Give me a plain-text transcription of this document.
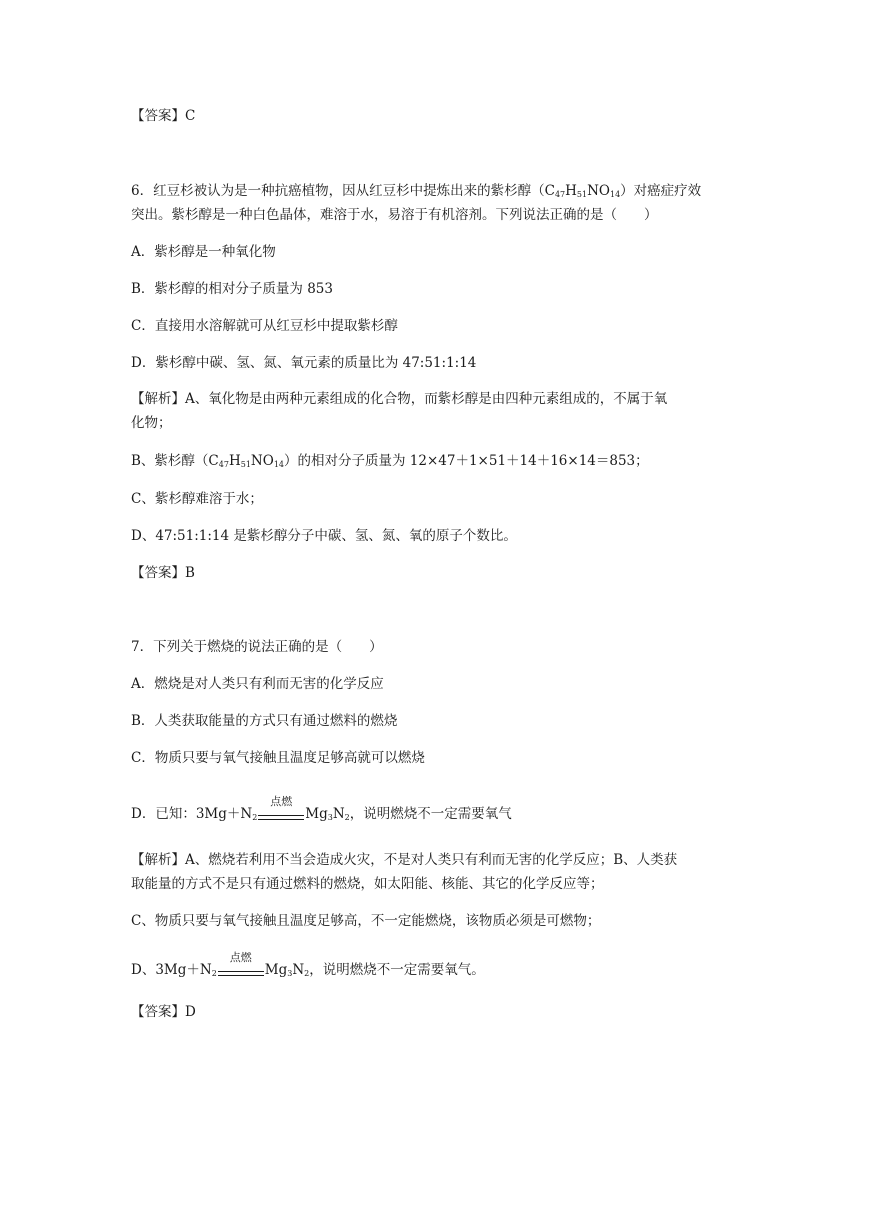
【答案】C
6．红豆杉被认为是一种抗癌植物，因从红豆杉中提炼出来的紫杉醇$(C_{47}H_{51}NO_{14})$对癌症疗效
突出。紫杉醇是一种白色晶体，难溶于水，易溶于有机溶剂。下列说法正确的是（　　）
A．紫杉醇是一种氧化物
B．紫杉醇的相对分子质量为 853
C．直接用水溶解就可从红豆杉中提取紫杉醇
D．紫杉醇中碳、氢、氮、氧元素的质量比为 47:51:1:14
【解析】A、氧化物是由两种元素组成的化合物，而紫杉醇是由四种元素组成的，不属于氧
化物；
B、紫杉醇$(C_{47}H_{51}NO_{14})$的相对分子质量为 12×47＋1×51＋14＋16×14＝853；
C、紫杉醇难溶于水；
D、47:51:1:14 是紫杉醇分子中碳、氢、氮、氧的原子个数比。
【答案】B
7．下列关于燃烧的说法正确的是（　　）
A．燃烧是对人类只有利而无害的化学反应
B．人类获取能量的方式只有通过燃料的燃烧
C．物质只要与氧气接触且温度足够高就可以燃烧
D．已知：$3Mg+N_2$
点燃
$Mg_3N_2$，说明燃烧不一定需要氧气
【解析】A、燃烧若利用不当会造成火灾，不是对人类只有利而无害的化学反应；B、人类获
取能量的方式不是只有通过燃料的燃烧，如太阳能、核能、其它的化学反应等；
C、物质只要与氧气接触且温度足够高，不一定能燃烧，该物质必须是可燃物；
D、$3Mg+N_2$
点燃
$Mg_3N_2$，说明燃烧不一定需要氧气。
【答案】D
